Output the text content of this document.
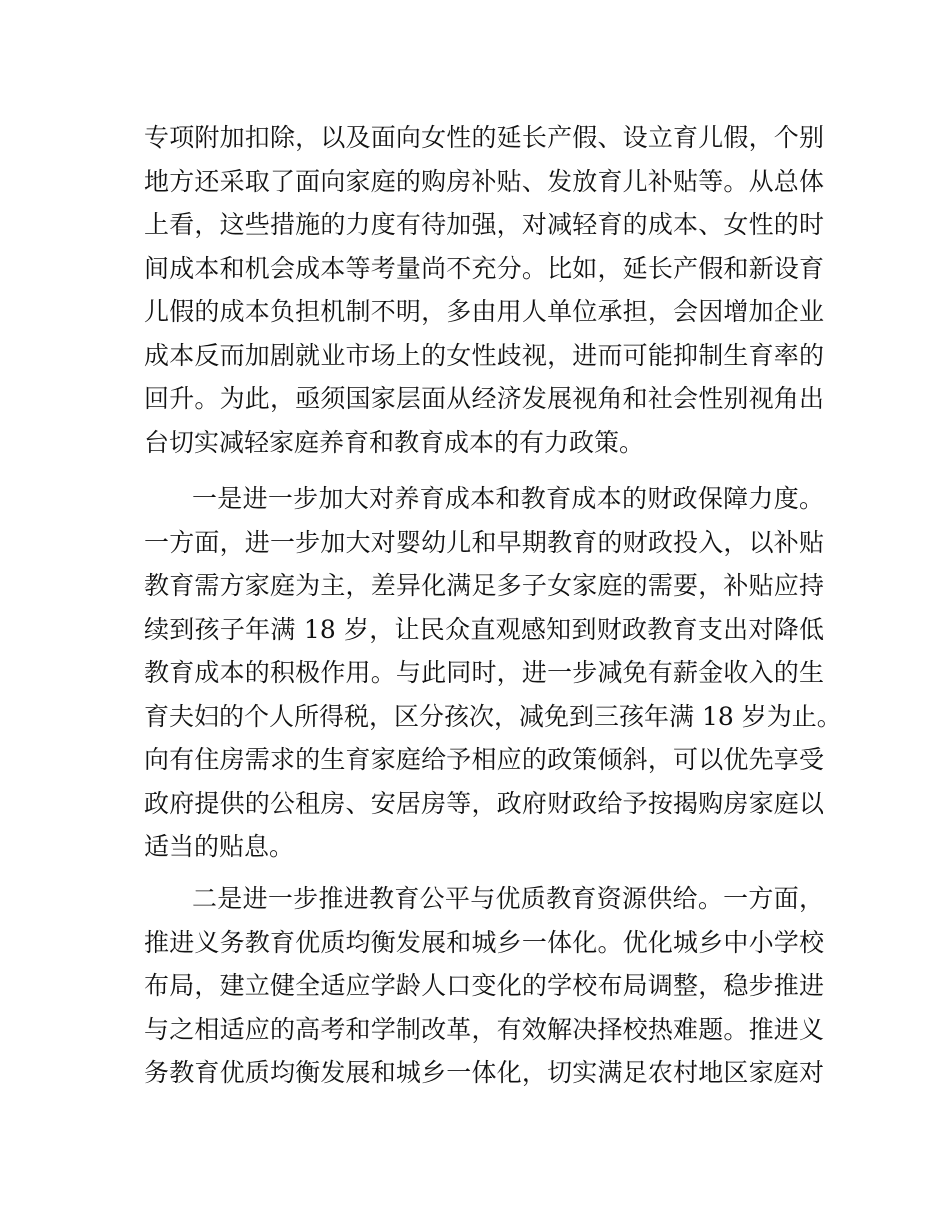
专项附加扣除，以及面向女性的延长产假、设立育儿假，个别
地方还采取了面向家庭的购房补贴、发放育儿补贴等。从总体
上看，这些措施的力度有待加强，对减轻育的成本、女性的时
间成本和机会成本等考量尚不充分。比如，延长产假和新设育
儿假的成本负担机制不明，多由用人单位承担，会因增加企业
成本反而加剧就业市场上的女性歧视，进而可能抑制生育率的
回升。为此，亟须国家层面从经济发展视角和社会性别视角出
台切实减轻家庭养育和教育成本的有力政策。
一是进一步加大对养育成本和教育成本的财政保障力度。
一方面，进一步加大对婴幼儿和早期教育的财政投入，以补贴
教育需方家庭为主，差异化满足多子女家庭的需要，补贴应持
续到孩子年满 18 岁，让民众直观感知到财政教育支出对降低
教育成本的积极作用。与此同时，进一步减免有薪金收入的生
育夫妇的个人所得税，区分孩次，减免到三孩年满 18 岁为止。
向有住房需求的生育家庭给予相应的政策倾斜，可以优先享受
政府提供的公租房、安居房等，政府财政给予按揭购房家庭以
适当的贴息。
二是进一步推进教育公平与优质教育资源供给。一方面，
推进义务教育优质均衡发展和城乡一体化。优化城乡中小学校
布局，建立健全适应学龄人口变化的学校布局调整，稳步推进
与之相适应的高考和学制改革，有效解决择校热难题。推进义
务教育优质均衡发展和城乡一体化，切实满足农村地区家庭对
